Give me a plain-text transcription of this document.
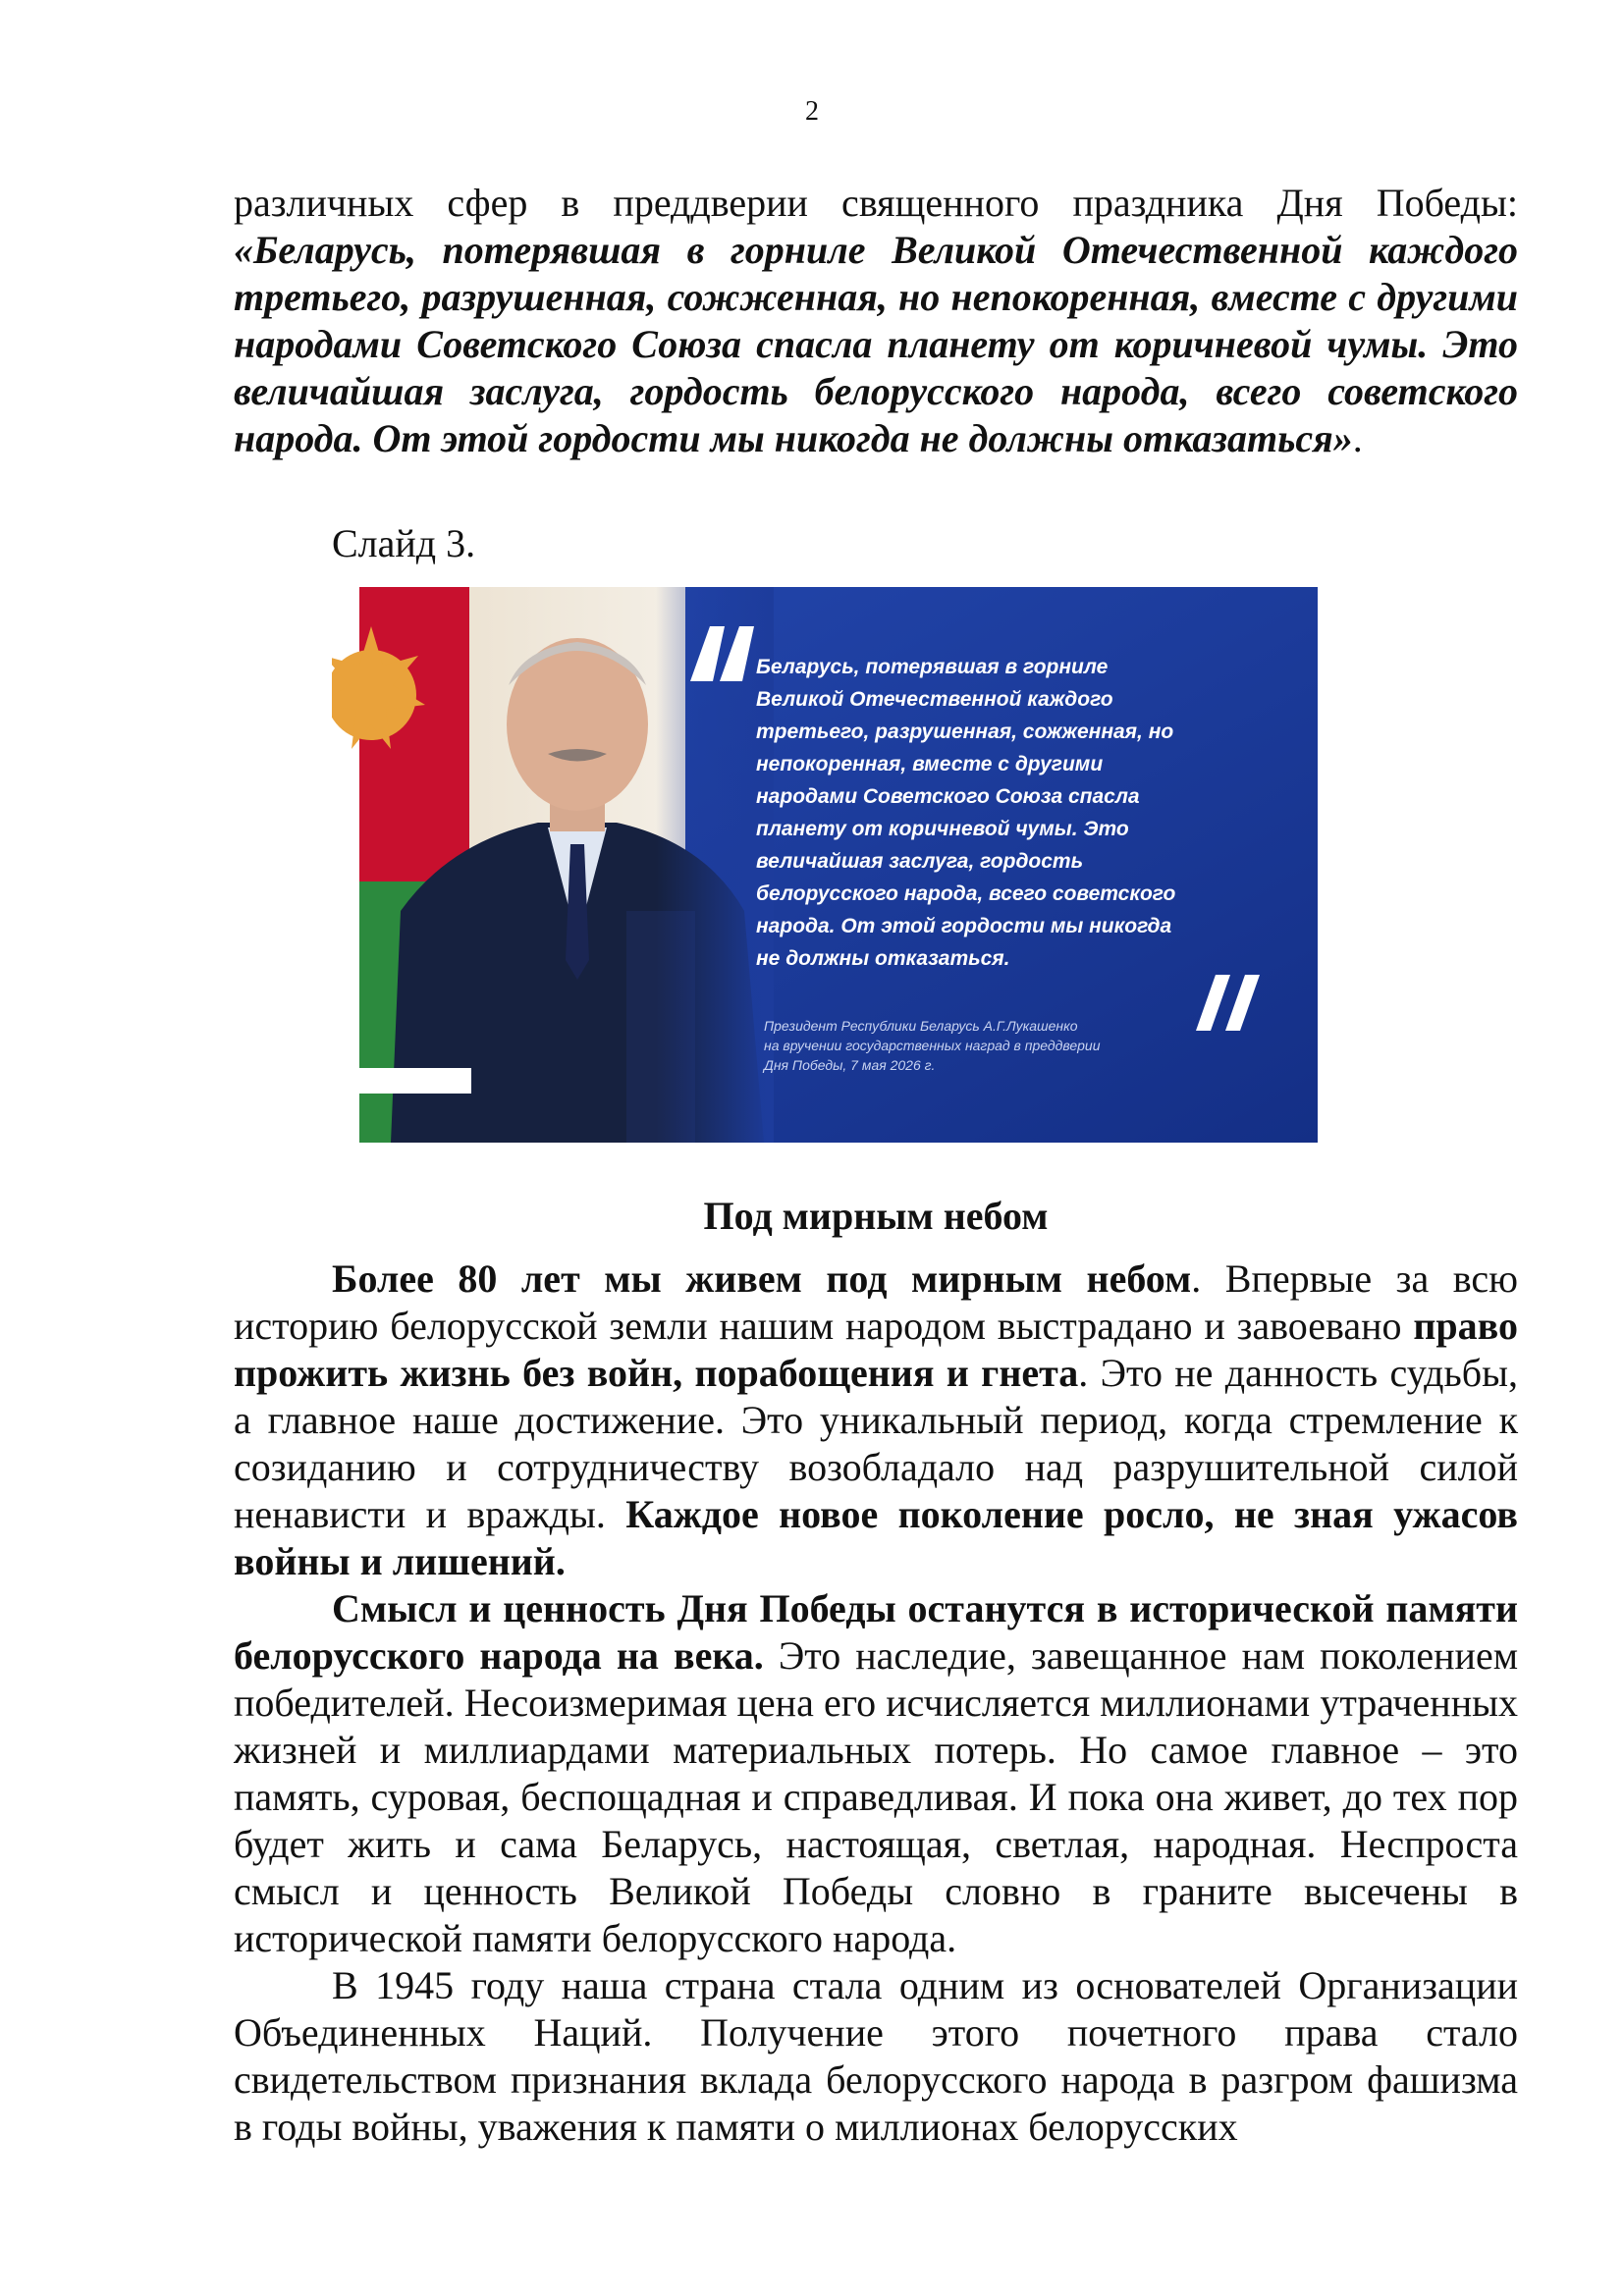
2
различных сфер в преддверии священного праздника Дня Победы: «Беларусь, потерявшая в горниле Великой Отечественной каждого третьего, разрушенная, сожженная, но непокоренная, вместе с другими народами Советского Союза спасла планету от коричневой чумы. Это величайшая заслуга, гордость белорусского народа, всего советского народа. От этой гордости мы никогда не должны отказаться».
Слайд 3.
Беларусь, потерявшая в горниле
Великой Отечественной каждого
третьего, разрушенная, сожженная, но
непокоренная, вместе с другими
народами Советского Союза спасла
планету от коричневой чумы. Это
величайшая заслуга, гордость
белорусского народа, всего советского
народа. От этой гордости мы никогда
не должны отказаться.
Президент Республики Беларусь А.Г.Лукашенко
на вручении государственных наград в преддверии
Дня Победы, 7 мая 2026 г.
Под мирным небом
Более 80 лет мы живем под мирным небом. Впервые за всю историю белорусской земли нашим народом выстрадано и завоевано право прожить жизнь без войн, порабощения и гнета. Это не данность судьбы, а главное наше достижение. Это уникальный период, когда стремление к созиданию и сотрудничеству возобладало над разрушительной силой ненависти и вражды. Каждое новое поколение росло, не зная ужасов войны и лишений.
Смысл и ценность Дня Победы останутся в исторической памяти белорусского народа на века. Это наследие, завещанное нам поколением победителей. Несоизмеримая цена его исчисляется миллионами утраченных жизней и миллиардами материальных потерь. Но самое главное – это память, суровая, беспощадная и справедливая. И пока она живет, до тех пор будет жить и сама Беларусь, настоящая, светлая, народная. Неспроста смысл и ценность Великой Победы словно в граните высечены в исторической памяти белорусского народа.
В 1945 году наша страна стала одним из основателей Организации Объединенных Наций. Получение этого почетного права стало свидетельством признания вклада белорусского народа в разгром фашизма в годы войны, уважения к памяти о миллионах белорусских
